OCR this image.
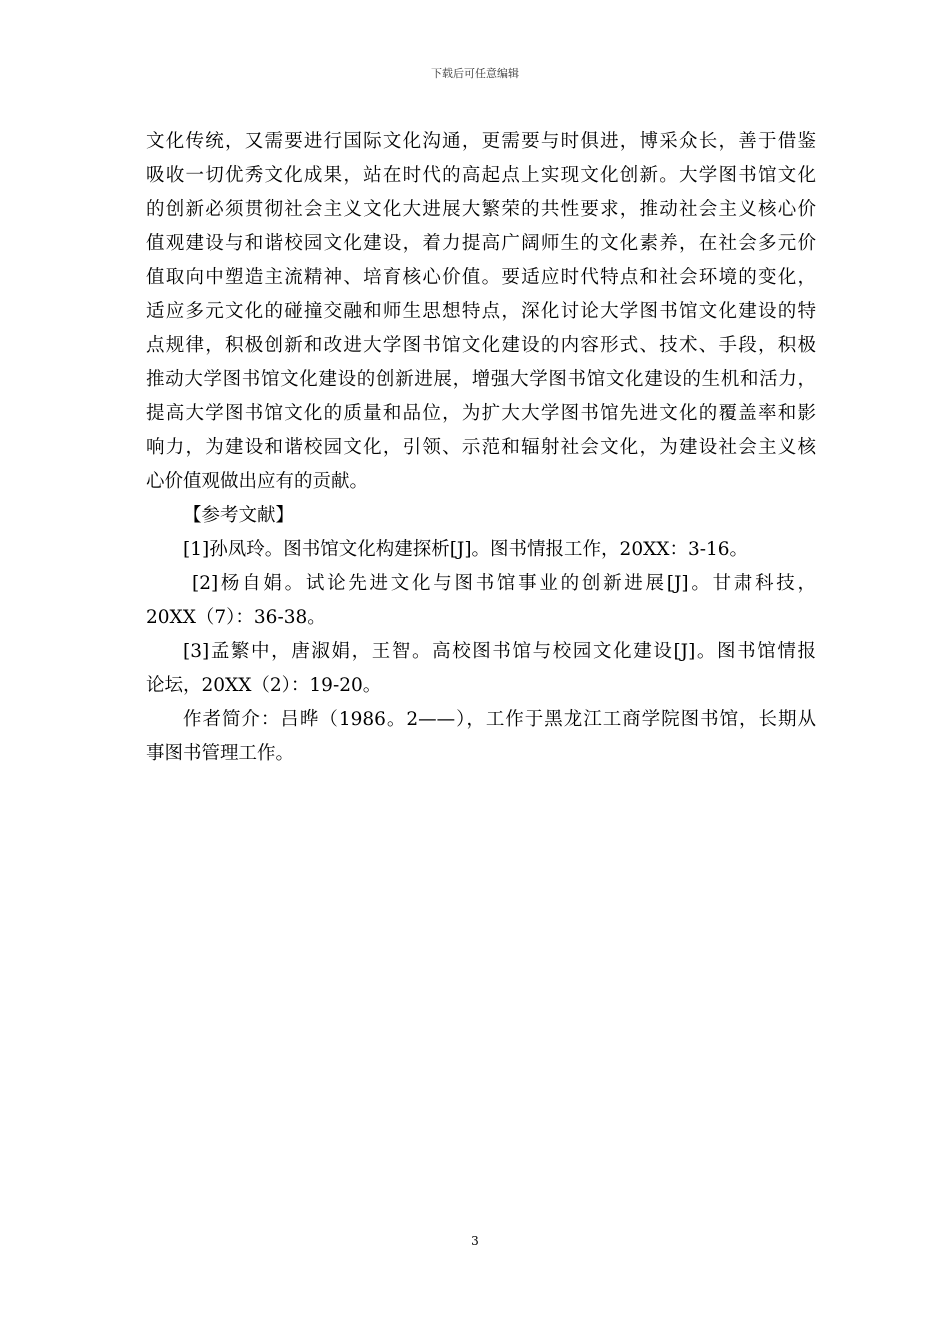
下载后可任意编辑
文化传统，又需要进行国际文化沟通，更需要与时俱进，博采众长，善于借鉴
吸收一切优秀文化成果，站在时代的高起点上实现文化创新。大学图书馆文化
的创新必须贯彻社会主义文化大进展大繁荣的共性要求，推动社会主义核心价
值观建设与和谐校园文化建设，着力提高广阔师生的文化素养，在社会多元价
值取向中塑造主流精神、培育核心价值。要适应时代特点和社会环境的变化，
适应多元文化的碰撞交融和师生思想特点，深化讨论大学图书馆文化建设的特
点规律，积极创新和改进大学图书馆文化建设的内容形式、技术、手段，积极
推动大学图书馆文化建设的创新进展，增强大学图书馆文化建设的生机和活力，
提高大学图书馆文化的质量和品位，为扩大大学图书馆先进文化的覆盖率和影
响力，为建设和谐校园文化，引领、示范和辐射社会文化，为建设社会主义核
心价值观做出应有的贡献。
【参考文献】
[1]孙凤玲。图书馆文化构建探析[J]。图书情报工作，20XX：3-16。
[2]杨自娟。试论先进文化与图书馆事业的创新进展[J]。甘肃科技，
20XX（7）：36-38。
[3]孟繁中，唐淑娟，王智。高校图书馆与校园文化建设[J]。图书馆情报
论坛，20XX（2）：19-20。
作者简介：吕晔（1986。2——），工作于黑龙江工商学院图书馆，长期从
事图书管理工作。
3
